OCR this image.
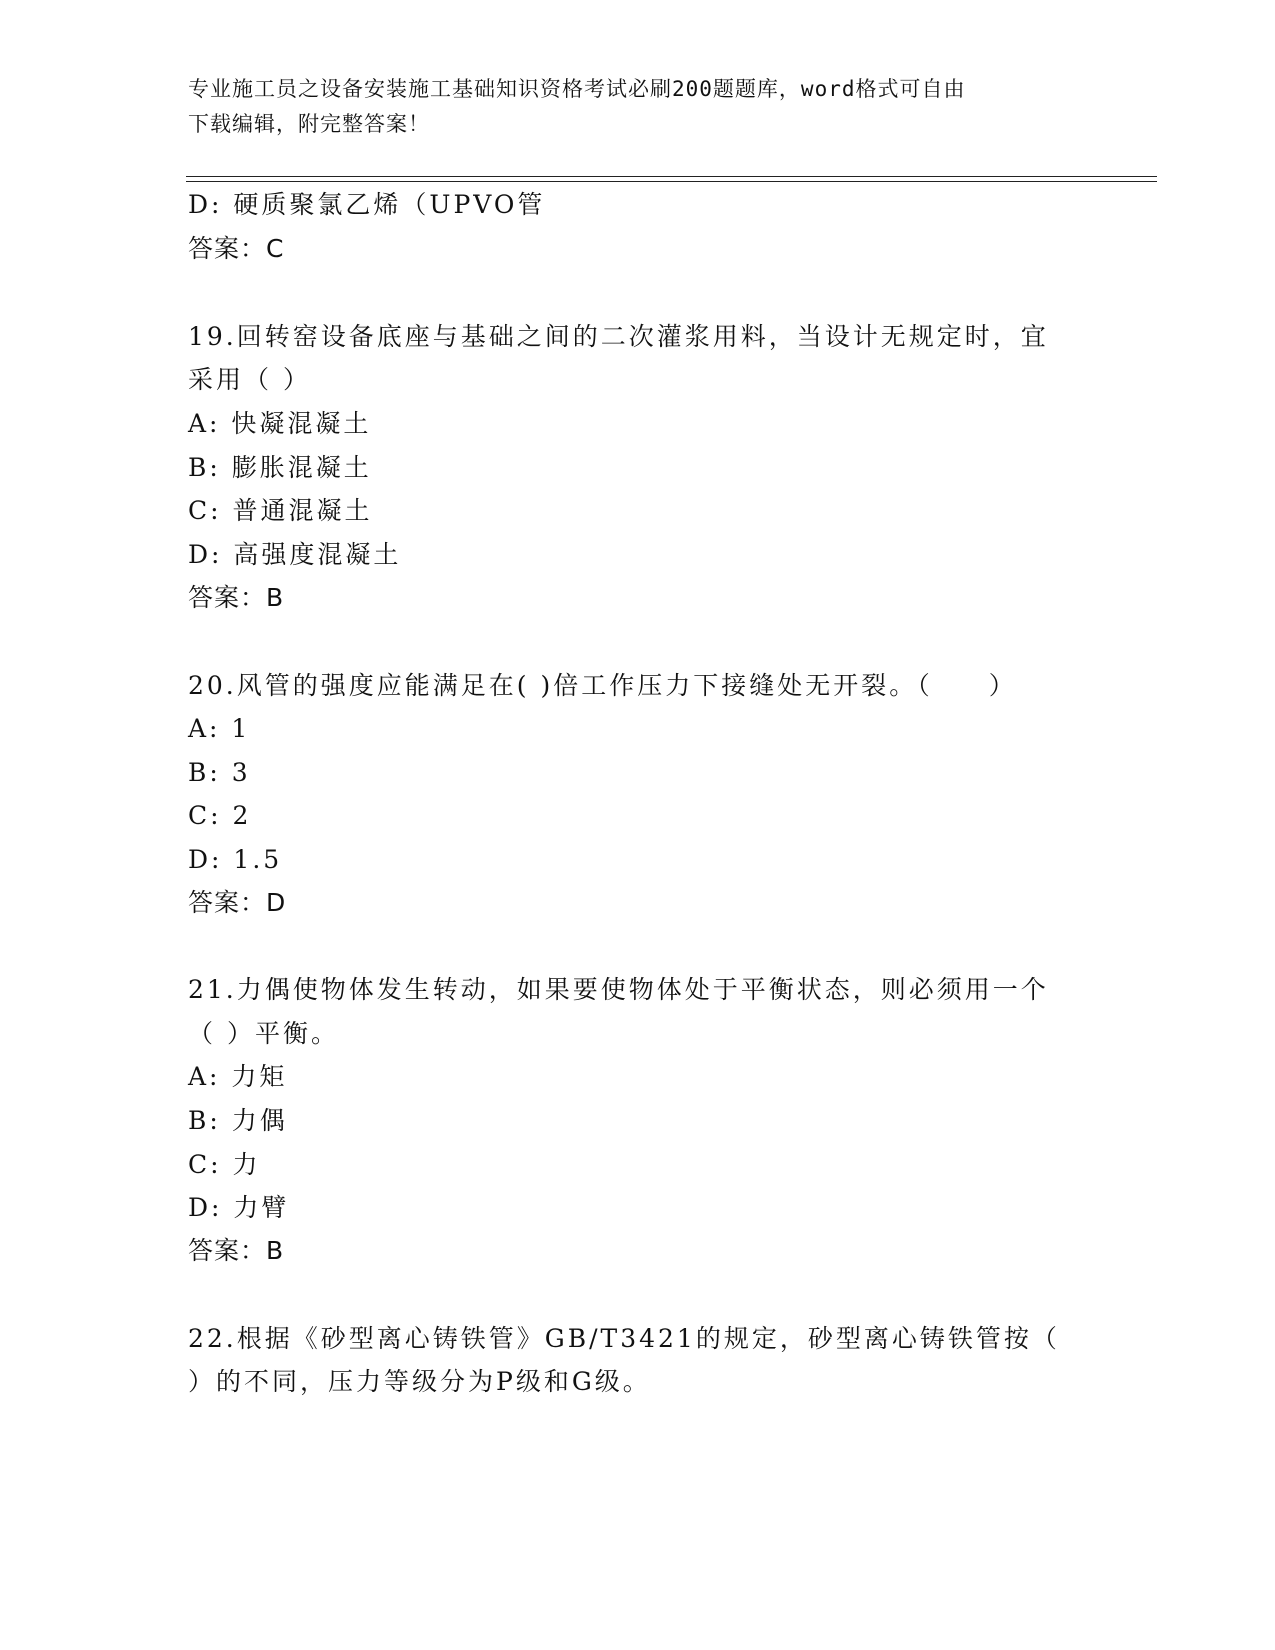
专业施工员之设备安装施工基础知识资格考试必刷200题题库，word格式可自由
下载编辑，附完整答案！
D: 硬质聚氯乙烯（UPVO管
答案：C
19.回转窑设备底座与基础之间的二次灌浆用料，当设计无规定时，宜
采用（ ）
A: 快凝混凝土
B: 膨胀混凝土
C: 普通混凝土
D: 高强度混凝土
答案：B
20.风管的强度应能满足在( )倍工作压力下接缝处无开裂。（　　）
A: 1
B: 3
C: 2
D: 1.5
答案：D
21.力偶使物体发生转动，如果要使物体处于平衡状态，则必须用一个
（ ）平衡。
A: 力矩
B: 力偶
C: 力
D: 力臂
答案：B
22.根据《砂型离心铸铁管》GB/T3421的规定，砂型离心铸铁管按（
）的不同，压力等级分为P级和G级。
